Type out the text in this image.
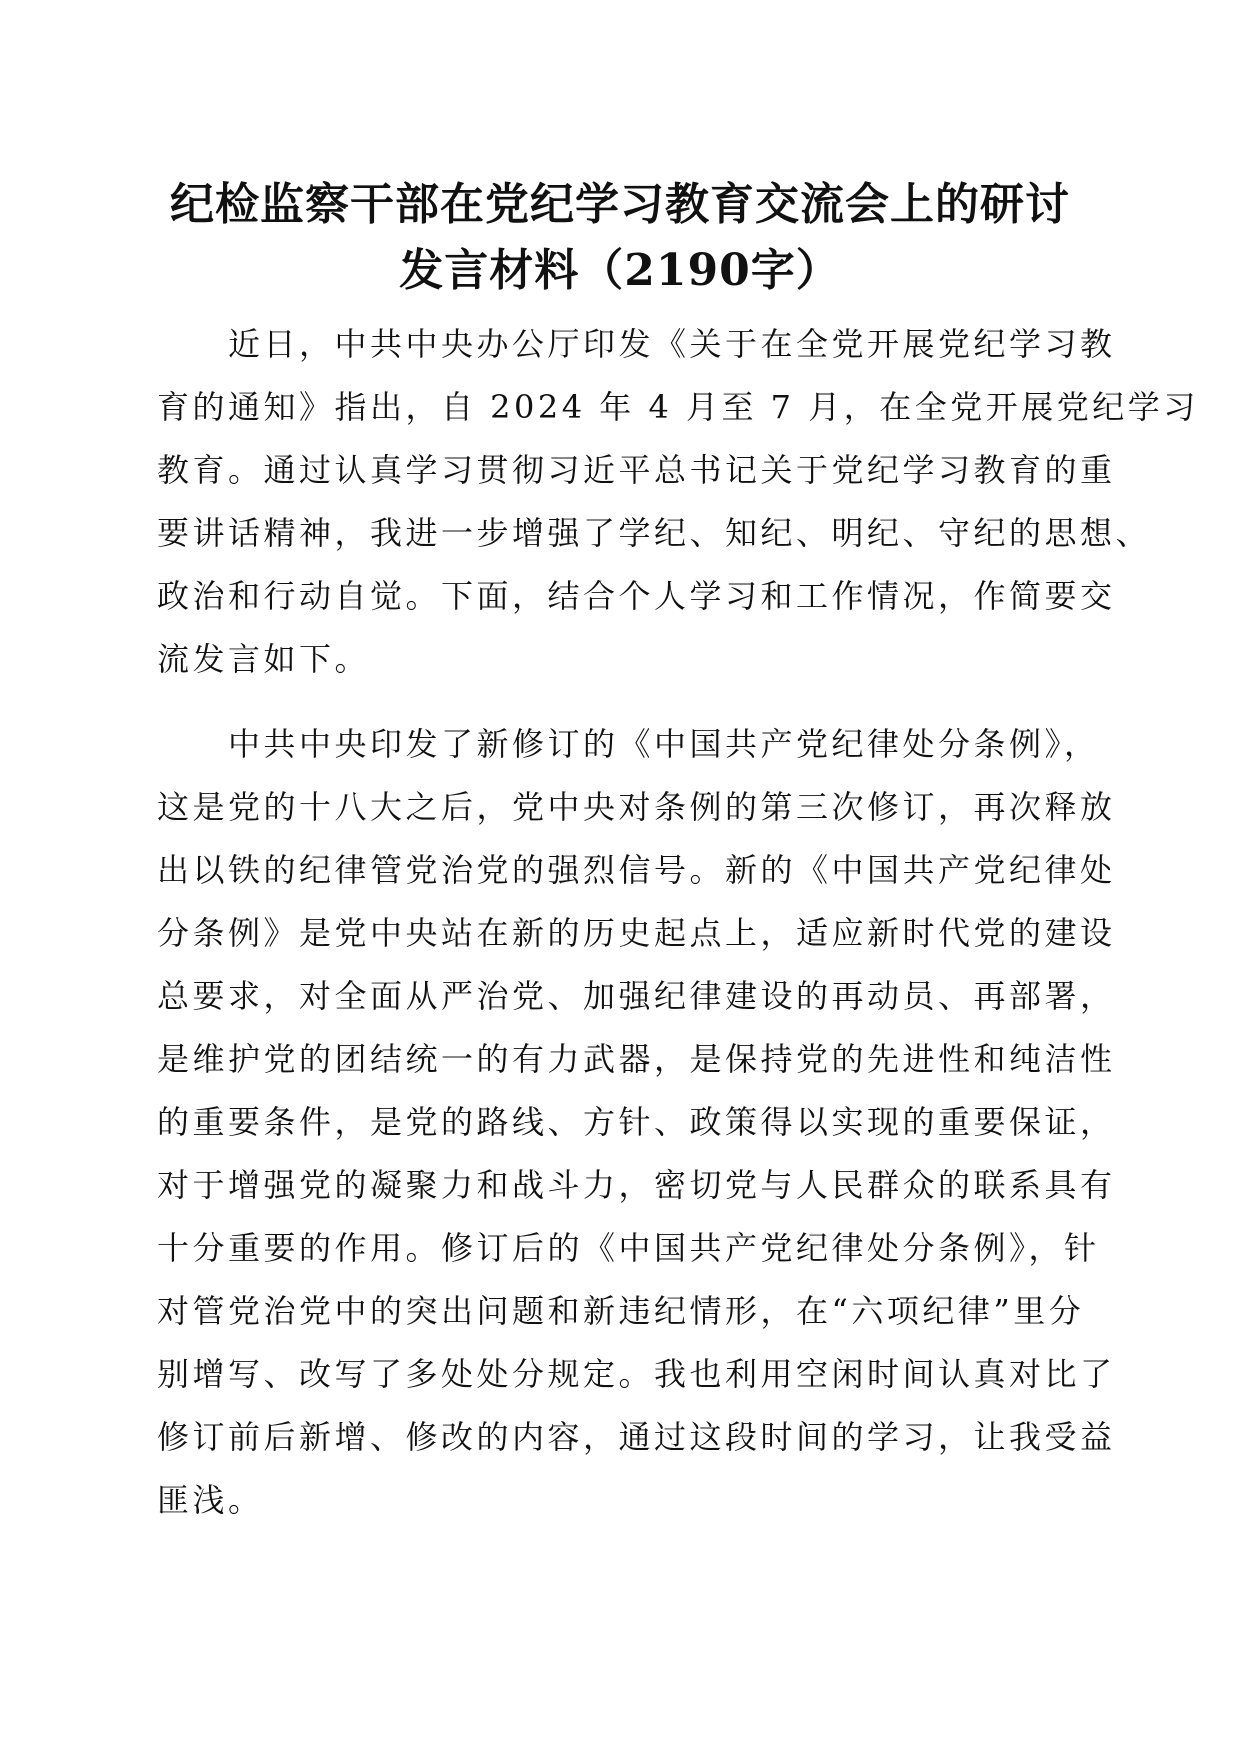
纪检监察干部在党纪学习教育交流会上的研讨
发言材料（2190字）

近日，中共中央办公厅印发《关于在全党开展党纪学习教
育的通知》指出，自 2024 年 4 月至 7 月，在全党开展党纪学习
教育。通过认真学习贯彻习近平总书记关于党纪学习教育的重
要讲话精神，我进一步增强了学纪、知纪、明纪、守纪的思想、
政治和行动自觉。下面，结合个人学习和工作情况，作简要交
流发言如下。

中共中央印发了新修订的《中国共产党纪律处分条例》，
这是党的十八大之后，党中央对条例的第三次修订，再次释放
出以铁的纪律管党治党的强烈信号。新的《中国共产党纪律处
分条例》是党中央站在新的历史起点上，适应新时代党的建设
总要求，对全面从严治党、加强纪律建设的再动员、再部署，
是维护党的团结统一的有力武器，是保持党的先进性和纯洁性
的重要条件，是党的路线、方针、政策得以实现的重要保证，
对于增强党的凝聚力和战斗力，密切党与人民群众的联系具有
十分重要的作用。修订后的《中国共产党纪律处分条例》，针
对管党治党中的突出问题和新违纪情形，在“六项纪律”里分
别增写、改写了多处处分规定。我也利用空闲时间认真对比了
修订前后新增、修改的内容，通过这段时间的学习，让我受益
匪浅。
